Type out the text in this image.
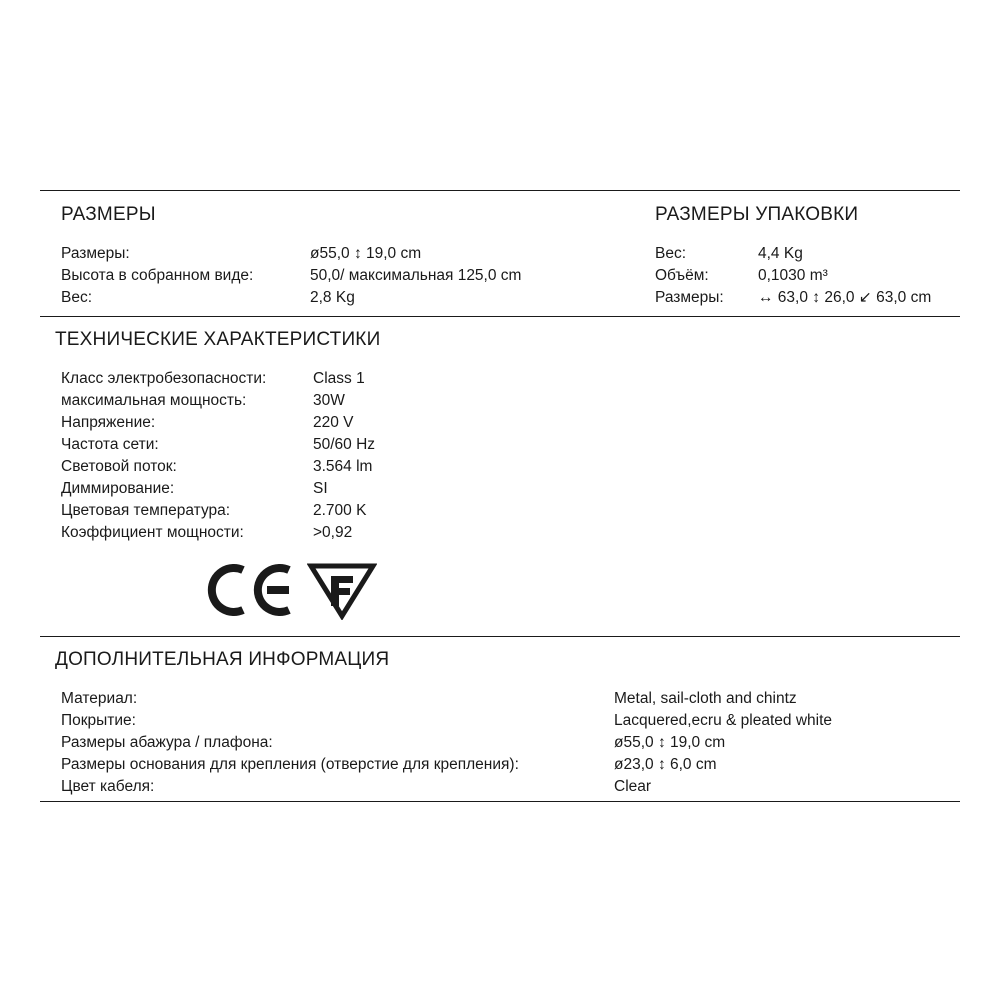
РАЗМЕРЫ
Размеры:	ø55,0 ↕ 19,0 cm
Высота в собранном виде:	50,0/ максимальная 125,0 cm
Вес:	2,8 Kg
РАЗМЕРЫ УПАКОВКИ
Вес:	4,4 Kg
Объём:	0,1030 m³
Размеры: ↔ 63,0 ↕ 26,0 ↙ 63,0 cm
ТЕХНИЧЕСКИЕ ХАРАКТЕРИСТИКИ
Класс электробезопасности:	Class 1
максимальная мощность:	30W
Напряжение:	220 V
Частота сети:	50/60 Hz
Световой поток:	3.564 lm
Диммирование:	SI
Цветовая температура:	2.700 K
Коэффициент мощности:	>0,92
ДОПОЛНИТЕЛЬНАЯ ИНФОРМАЦИЯ
Материал:	Metal, sail-cloth and chintz
Покрытие:	Lacquered,ecru & pleated white
Размеры абажура / плафона:	ø55,0 ↕ 19,0 cm
Размеры основания для крепления (отверстие для крепления):	ø23,0 ↕ 6,0 cm
Цвет кабеля:	Clear
